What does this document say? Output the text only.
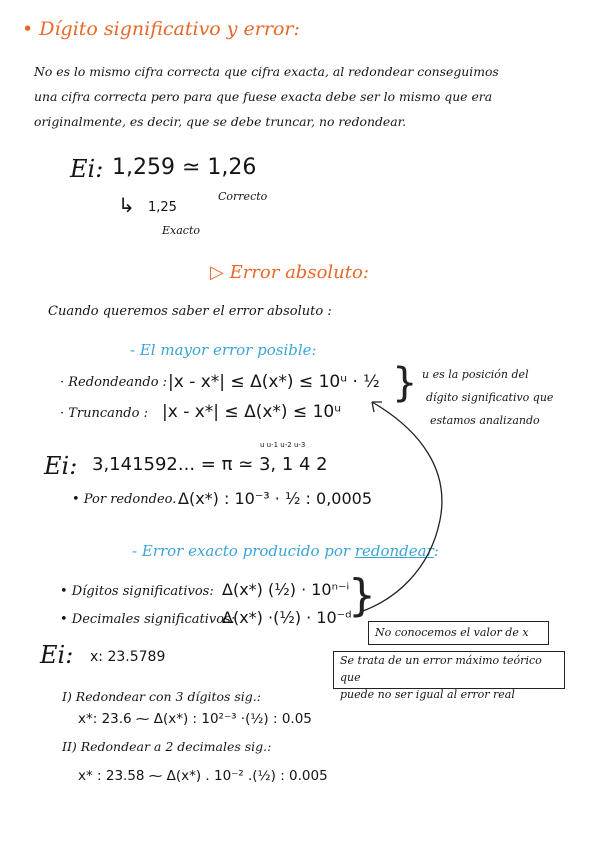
• Dígito significativo y error:
No es lo mismo cifra correcta que cifra exacta, al redondear conseguimos
una cifra correcta pero para que fuese exacta debe ser lo mismo que era
originalmente, es decir, que se debe truncar, no redondear.
Ei: 1,259 ≃ 1,26
Correcto
↳ 1,25
Exacto
▷ Error absoluto:
Cuando queremos saber el error absoluto :
- El mayor error posible:
· Redondeando : |x - x*| ≤ Δ(x*) ≤ 10ᵘ · ½
· Truncando : |x - x*| ≤ Δ(x*) ≤ 10ᵘ
} u es la posición del
dígito significativo que
estamos analizando
Ei:
u u-1 u-2 u-3
3,141592... = π ≃ 3, 1 4 2
• Por redondeo. Δ(x*) : 10⁻³ · ½ : 0,0005
- Error exacto producido por redondear:
• Dígitos significativos: Δ(x*) (½) · 10ⁿ⁻ⁱ
• Decimales significativos:
Δ(x*) ·(½) · 10⁻ᵈ
}
No conocemos el valor de x
Se trata de un error máximo teórico que
puede no ser igual al error real
Ei: x: 23.5789
I) Redondear con 3 dígitos sig.:
x*: 23.6 ⁓ Δ(x*) : 10²⁻³ ·(½) : 0.05
II) Redondear a 2 decimales sig.:
x* : 23.58 ⁓ Δ(x*) . 10⁻² .(½) : 0.005
